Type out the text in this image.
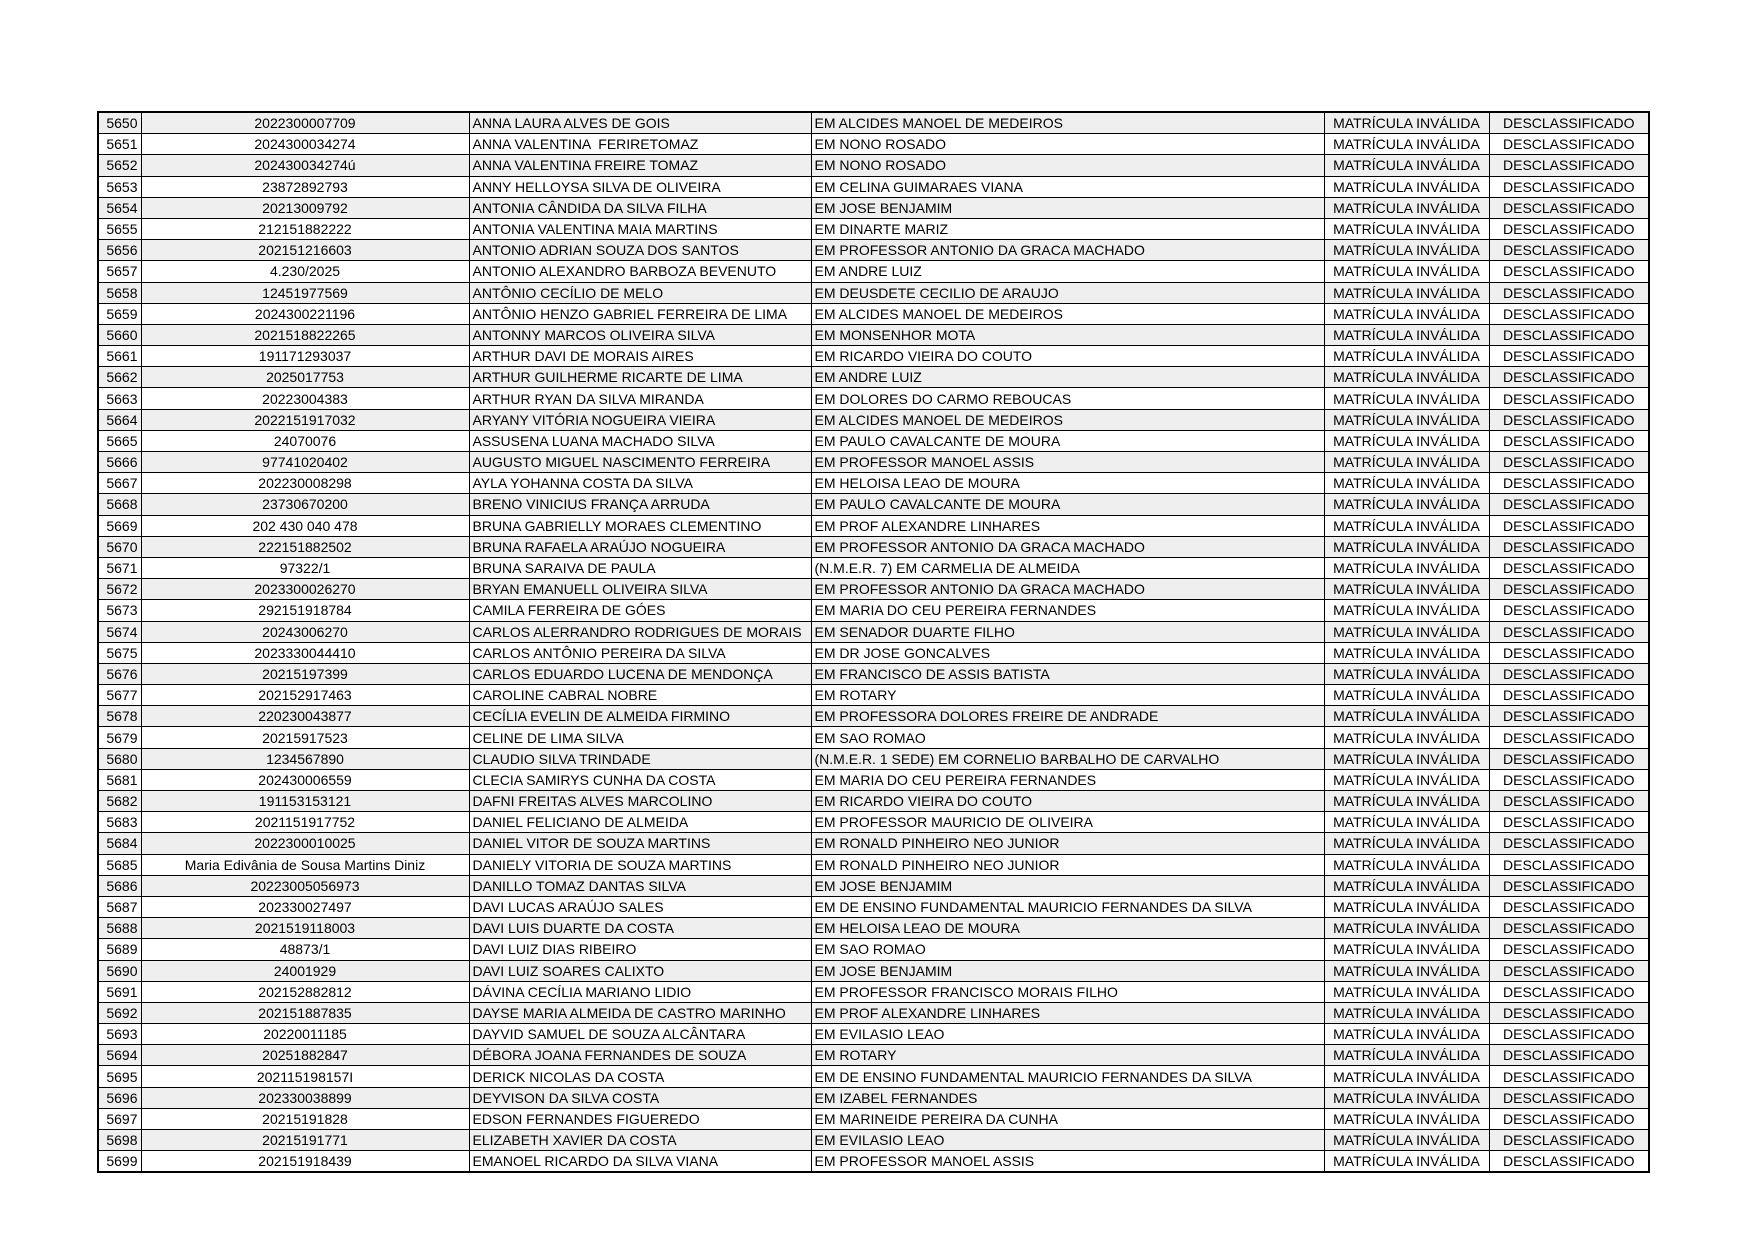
5650	2022300007709	ANNA LAURA ALVES DE GOIS	EM ALCIDES MANOEL DE MEDEIROS	MATRÍCULA INVÁLIDA	DESCLASSIFICADO
5651	2024300034274	ANNA VALENTINA  FERIRETOMAZ	EM NONO ROSADO	MATRÍCULA INVÁLIDA	DESCLASSIFICADO
5652	202430034274ú	ANNA VALENTINA FREIRE TOMAZ	EM NONO ROSADO	MATRÍCULA INVÁLIDA	DESCLASSIFICADO
5653	23872892793	ANNY HELLOYSA SILVA DE OLIVEIRA	EM CELINA GUIMARAES VIANA	MATRÍCULA INVÁLIDA	DESCLASSIFICADO
5654	20213009792	ANTONIA CÂNDIDA DA SILVA FILHA	EM JOSE BENJAMIM	MATRÍCULA INVÁLIDA	DESCLASSIFICADO
5655	212151882222	ANTONIA VALENTINA MAIA MARTINS	EM DINARTE MARIZ	MATRÍCULA INVÁLIDA	DESCLASSIFICADO
5656	202151216603	ANTONIO ADRIAN SOUZA DOS SANTOS	EM PROFESSOR ANTONIO DA GRACA MACHADO	MATRÍCULA INVÁLIDA	DESCLASSIFICADO
5657	4.230/2025	ANTONIO ALEXANDRO BARBOZA BEVENUTO	EM ANDRE LUIZ	MATRÍCULA INVÁLIDA	DESCLASSIFICADO
5658	12451977569	ANTÔNIO CECÍLIO DE MELO	EM DEUSDETE CECILIO DE ARAUJO	MATRÍCULA INVÁLIDA	DESCLASSIFICADO
5659	2024300221196	ANTÔNIO HENZO GABRIEL FERREIRA DE LIMA	EM ALCIDES MANOEL DE MEDEIROS	MATRÍCULA INVÁLIDA	DESCLASSIFICADO
5660	2021518822265	ANTONNY MARCOS OLIVEIRA SILVA	EM MONSENHOR MOTA	MATRÍCULA INVÁLIDA	DESCLASSIFICADO
5661	191171293037	ARTHUR DAVI DE MORAIS AIRES	EM RICARDO VIEIRA DO COUTO	MATRÍCULA INVÁLIDA	DESCLASSIFICADO
5662	2025017753	ARTHUR GUILHERME RICARTE DE LIMA	EM ANDRE LUIZ	MATRÍCULA INVÁLIDA	DESCLASSIFICADO
5663	20223004383	ARTHUR RYAN DA SILVA MIRANDA	EM DOLORES DO CARMO REBOUCAS	MATRÍCULA INVÁLIDA	DESCLASSIFICADO
5664	2022151917032	ARYANY VITÓRIA NOGUEIRA VIEIRA	EM ALCIDES MANOEL DE MEDEIROS	MATRÍCULA INVÁLIDA	DESCLASSIFICADO
5665	24070076	ASSUSENA LUANA MACHADO SILVA	EM PAULO CAVALCANTE DE MOURA	MATRÍCULA INVÁLIDA	DESCLASSIFICADO
5666	97741020402	AUGUSTO MIGUEL NASCIMENTO FERREIRA	EM PROFESSOR MANOEL ASSIS	MATRÍCULA INVÁLIDA	DESCLASSIFICADO
5667	202230008298	AYLA YOHANNA COSTA DA SILVA	EM HELOISA LEAO DE MOURA	MATRÍCULA INVÁLIDA	DESCLASSIFICADO
5668	23730670200	BRENO VINICIUS FRANÇA ARRUDA	EM PAULO CAVALCANTE DE MOURA	MATRÍCULA INVÁLIDA	DESCLASSIFICADO
5669	202 430 040 478	BRUNA GABRIELLY MORAES CLEMENTINO	EM PROF ALEXANDRE LINHARES	MATRÍCULA INVÁLIDA	DESCLASSIFICADO
5670	222151882502	BRUNA RAFAELA ARAÚJO NOGUEIRA	EM PROFESSOR ANTONIO DA GRACA MACHADO	MATRÍCULA INVÁLIDA	DESCLASSIFICADO
5671	97322/1	BRUNA SARAIVA DE PAULA	(N.M.E.R. 7) EM CARMELIA DE ALMEIDA	MATRÍCULA INVÁLIDA	DESCLASSIFICADO
5672	2023300026270	BRYAN EMANUELL OLIVEIRA SILVA	EM PROFESSOR ANTONIO DA GRACA MACHADO	MATRÍCULA INVÁLIDA	DESCLASSIFICADO
5673	292151918784	CAMILA FERREIRA DE GÓES	EM MARIA DO CEU PEREIRA FERNANDES	MATRÍCULA INVÁLIDA	DESCLASSIFICADO
5674	20243006270	CARLOS ALERRANDRO RODRIGUES DE MORAIS	EM SENADOR DUARTE FILHO	MATRÍCULA INVÁLIDA	DESCLASSIFICADO
5675	2023330044410	CARLOS ANTÔNIO PEREIRA DA SILVA	EM DR JOSE GONCALVES	MATRÍCULA INVÁLIDA	DESCLASSIFICADO
5676	20215197399	CARLOS EDUARDO LUCENA DE MENDONÇA	EM FRANCISCO DE ASSIS BATISTA	MATRÍCULA INVÁLIDA	DESCLASSIFICADO
5677	202152917463	CAROLINE CABRAL NOBRE	EM ROTARY	MATRÍCULA INVÁLIDA	DESCLASSIFICADO
5678	220230043877	CECÍLIA EVELIN DE ALMEIDA FIRMINO	EM PROFESSORA DOLORES FREIRE DE ANDRADE	MATRÍCULA INVÁLIDA	DESCLASSIFICADO
5679	20215917523	CELINE DE LIMA SILVA	EM SAO ROMAO	MATRÍCULA INVÁLIDA	DESCLASSIFICADO
5680	1234567890	CLAUDIO SILVA TRINDADE	(N.M.E.R. 1 SEDE) EM CORNELIO BARBALHO DE CARVALHO	MATRÍCULA INVÁLIDA	DESCLASSIFICADO
5681	202430006559	CLECIA SAMIRYS CUNHA DA COSTA	EM MARIA DO CEU PEREIRA FERNANDES	MATRÍCULA INVÁLIDA	DESCLASSIFICADO
5682	191153153121	DAFNI FREITAS ALVES MARCOLINO	EM RICARDO VIEIRA DO COUTO	MATRÍCULA INVÁLIDA	DESCLASSIFICADO
5683	2021151917752	DANIEL FELICIANO DE ALMEIDA	EM PROFESSOR MAURICIO DE OLIVEIRA	MATRÍCULA INVÁLIDA	DESCLASSIFICADO
5684	2022300010025	DANIEL VITOR DE SOUZA MARTINS	EM RONALD PINHEIRO NEO JUNIOR	MATRÍCULA INVÁLIDA	DESCLASSIFICADO
5685	Maria Edivânia de Sousa Martins Diniz	DANIELY VITORIA DE SOUZA MARTINS	EM RONALD PINHEIRO NEO JUNIOR	MATRÍCULA INVÁLIDA	DESCLASSIFICADO
5686	20223005056973	DANILLO TOMAZ DANTAS SILVA	EM JOSE BENJAMIM	MATRÍCULA INVÁLIDA	DESCLASSIFICADO
5687	202330027497	DAVI LUCAS ARAÚJO SALES	EM DE ENSINO FUNDAMENTAL MAURICIO FERNANDES DA SILVA	MATRÍCULA INVÁLIDA	DESCLASSIFICADO
5688	2021519118003	DAVI LUIS DUARTE DA COSTA	EM HELOISA LEAO DE MOURA	MATRÍCULA INVÁLIDA	DESCLASSIFICADO
5689	48873/1	DAVI LUIZ DIAS RIBEIRO	EM SAO ROMAO	MATRÍCULA INVÁLIDA	DESCLASSIFICADO
5690	24001929	DAVI LUIZ SOARES CALIXTO	EM JOSE BENJAMIM	MATRÍCULA INVÁLIDA	DESCLASSIFICADO
5691	202152882812	DÁVINA CECÍLIA MARIANO LIDIO	EM PROFESSOR FRANCISCO MORAIS FILHO	MATRÍCULA INVÁLIDA	DESCLASSIFICADO
5692	202151887835	DAYSE MARIA ALMEIDA DE CASTRO MARINHO	EM PROF ALEXANDRE LINHARES	MATRÍCULA INVÁLIDA	DESCLASSIFICADO
5693	20220011185	DAYVID SAMUEL DE SOUZA ALCÂNTARA	EM EVILASIO LEAO	MATRÍCULA INVÁLIDA	DESCLASSIFICADO
5694	20251882847	DÉBORA JOANA FERNANDES DE SOUZA	EM ROTARY	MATRÍCULA INVÁLIDA	DESCLASSIFICADO
5695	202115198157I	DERICK NICOLAS DA COSTA	EM DE ENSINO FUNDAMENTAL MAURICIO FERNANDES DA SILVA	MATRÍCULA INVÁLIDA	DESCLASSIFICADO
5696	202330038899	DEYVISON DA SILVA COSTA	EM IZABEL FERNANDES	MATRÍCULA INVÁLIDA	DESCLASSIFICADO
5697	20215191828	EDSON FERNANDES FIGUEREDO	EM MARINEIDE PEREIRA DA CUNHA	MATRÍCULA INVÁLIDA	DESCLASSIFICADO
5698	20215191771	ELIZABETH XAVIER DA COSTA	EM EVILASIO LEAO	MATRÍCULA INVÁLIDA	DESCLASSIFICADO
5699	202151918439	EMANOEL RICARDO DA SILVA VIANA	EM PROFESSOR MANOEL ASSIS	MATRÍCULA INVÁLIDA	DESCLASSIFICADO
